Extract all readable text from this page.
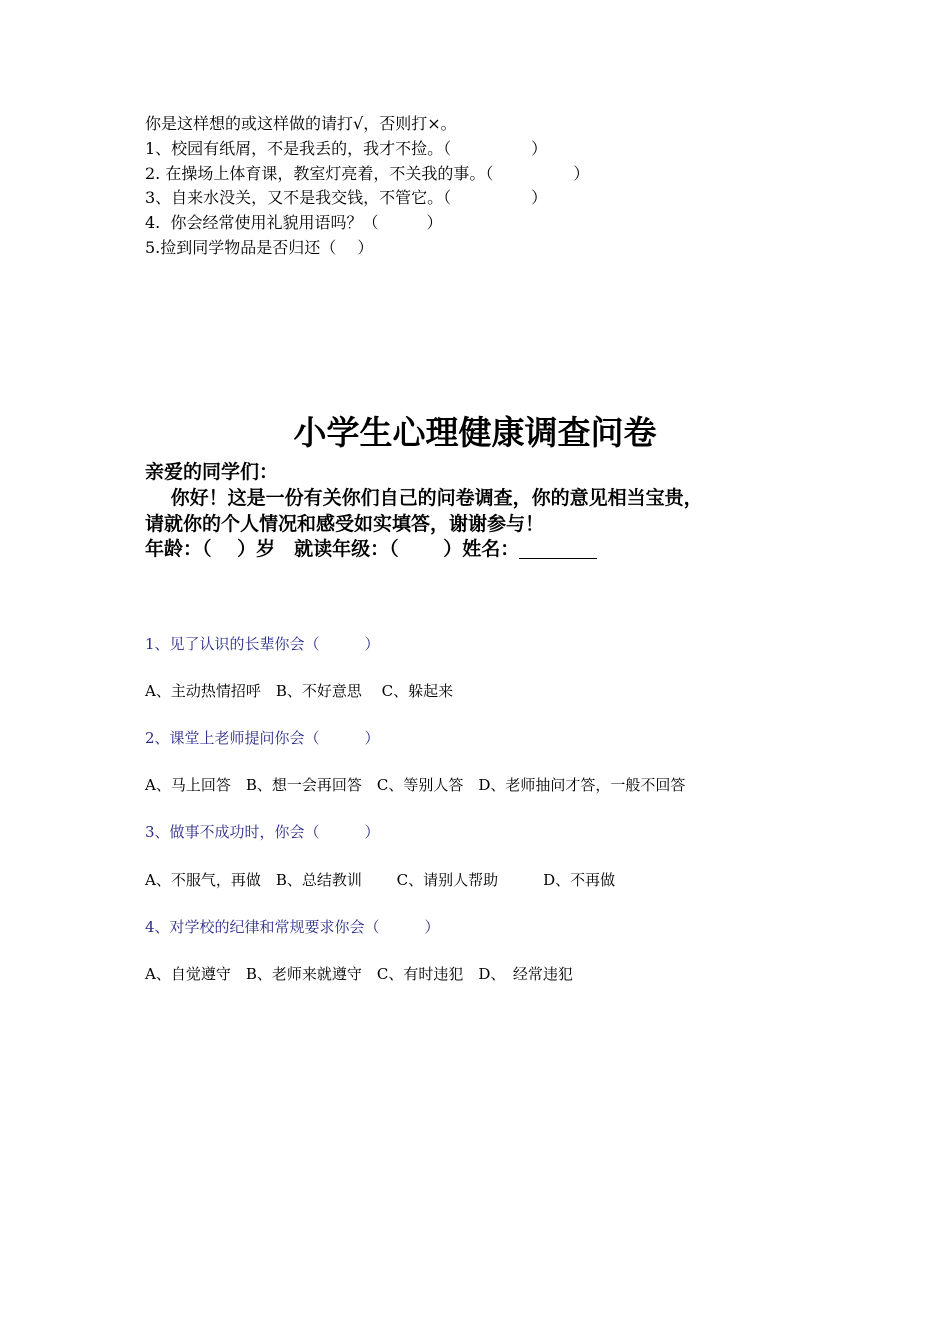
你是这样想的或这样做的请打√，否则打×。
1、校园有纸屑，不是我丢的，我才不捡。（　　　　　）
2. 在操场上体育课，教室灯亮着，不关我的事。（　　　　　）
3、自来水没关，又不是我交钱，不管它。（　　　　　）
4.  你会经常使用礼貌用语吗？（　　　）
5.捡到同学物品是否归还（　 ）
小学生心理健康调查问卷
亲爱的同学们：
　 你好！这是一份有关你们自己的问卷调查，你的意见相当宝贵，
请就你的个人情况和感受如实填答，谢谢参与！
年龄：（　 ）岁　就读年级：（　　 ）姓名：
1、见了认识的长辈你会（　　　）
A、主动热情招呼　B、不好意思　 C、躲起来
2、课堂上老师提问你会（　　　）
A、马上回答　B、想一会再回答　C、等别人答　D、老师抽问才答，一般不回答
3、做事不成功时，你会（　　　）
A、不服气，再做　B、总结教训　　 C、请别人帮助　　　D、不再做
4、对学校的纪律和常规要求你会（　　　）
A、自觉遵守　B、老师来就遵守　C、有时违犯　D、　经常违犯
